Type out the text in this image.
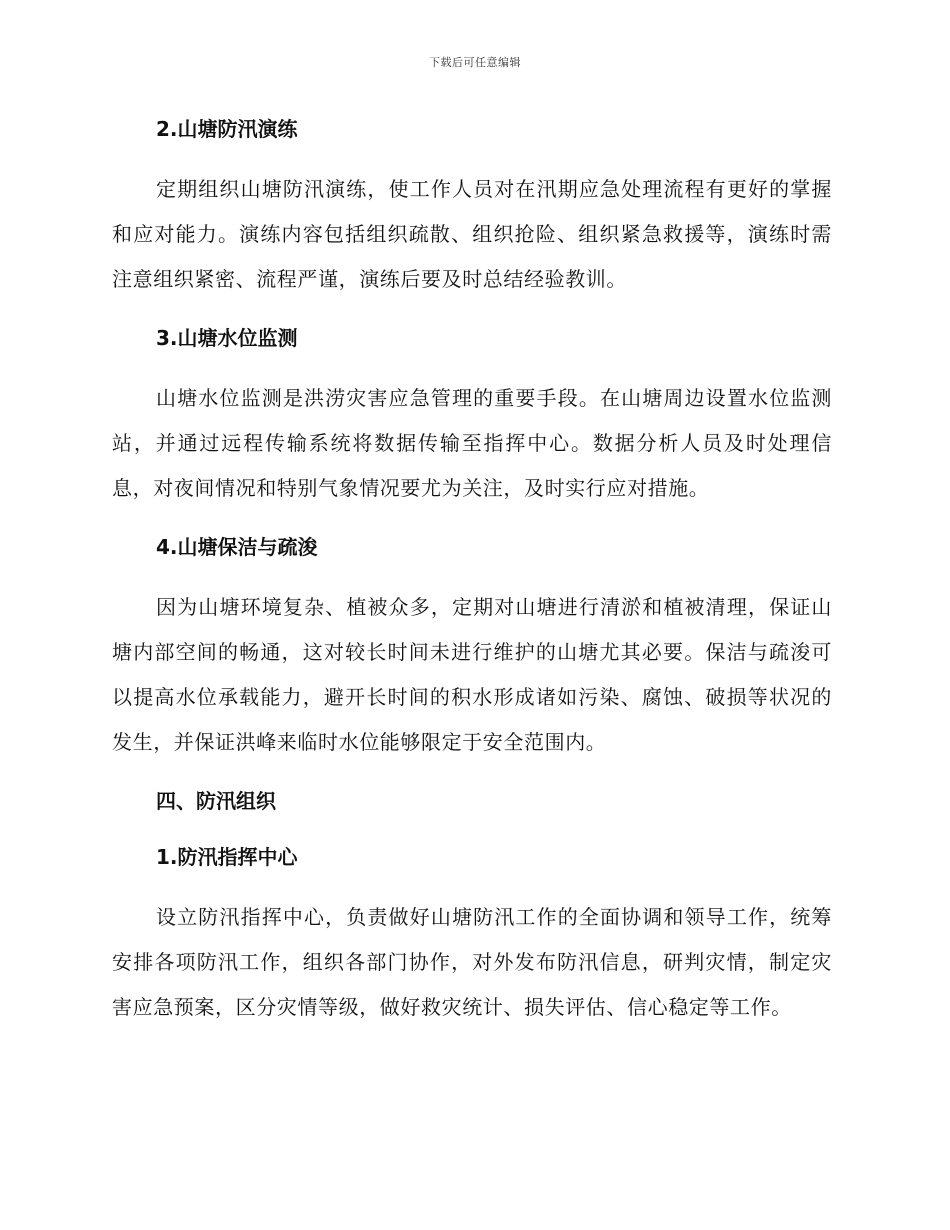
下载后可任意编辑
2.山塘防汛演练

定期组织山塘防汛演练，使工作人员对在汛期应急处理流程有更好的掌握和应对能力。演练内容包括组织疏散、组织抢险、组织紧急救援等，演练时需注意组织紧密、流程严谨，演练后要及时总结经验教训。

3.山塘水位监测

山塘水位监测是洪涝灾害应急管理的重要手段。在山塘周边设置水位监测站，并通过远程传输系统将数据传输至指挥中心。数据分析人员及时处理信息，对夜间情况和特别气象情况要尤为关注，及时实行应对措施。

4.山塘保洁与疏浚

因为山塘环境复杂、植被众多，定期对山塘进行清淤和植被清理，保证山塘内部空间的畅通，这对较长时间未进行维护的山塘尤其必要。保洁与疏浚可以提高水位承载能力，避开长时间的积水形成诸如污染、腐蚀、破损等状况的发生，并保证洪峰来临时水位能够限定于安全范围内。

四、防汛组织
1.防汛指挥中心

设立防汛指挥中心，负责做好山塘防汛工作的全面协调和领导工作，统筹安排各项防汛工作，组织各部门协作，对外发布防汛信息，研判灾情，制定灾害应急预案，区分灾情等级，做好救灾统计、损失评估、信心稳定等工作。
